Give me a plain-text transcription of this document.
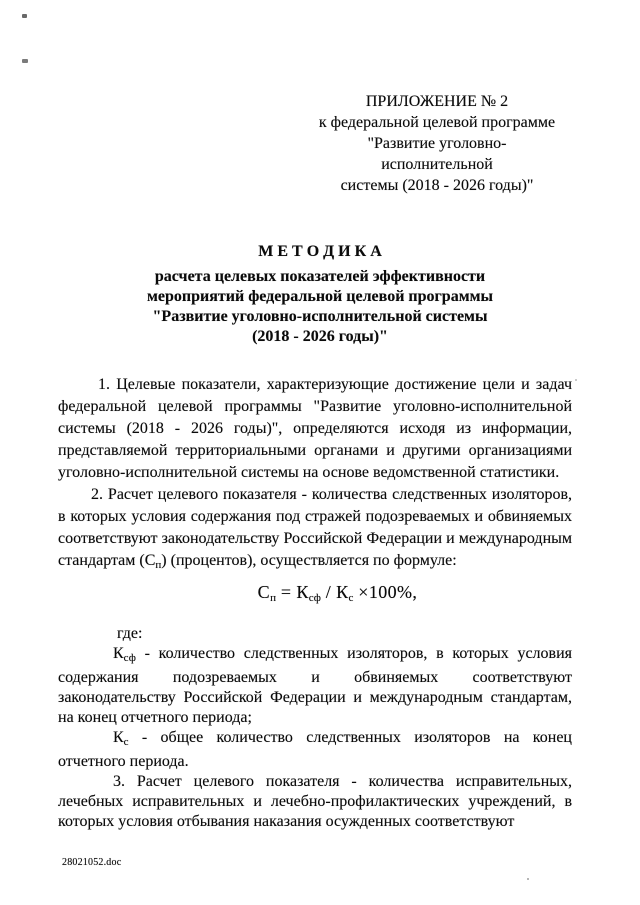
ПРИЛОЖЕНИЕ № 2
к федеральной целевой программе
"Развитие уголовно-исполнительной
системы (2018 - 2026 годы)"
М Е Т О Д И К А
расчета целевых показателей эффективности
мероприятий федеральной целевой программы
"Развитие уголовно-исполнительной системы
(2018 - 2026 годы)"

1. Целевые показатели, характеризующие достижение цели и задач федеральной целевой программы "Развитие уголовно-исполнительной системы (2018 - 2026 годы)", определяются исходя из информации, представляемой территориальными органами и другими организациями уголовно-исполнительной системы на основе ведомственной статистики.

2. Расчет целевого показателя - количества следственных изоляторов, в которых условия содержания под стражей подозреваемых и обвиняемых соответствуют законодательству Российской Федерации и международным стандартам $(С_п)$ (процентов), осуществляется по формуле:

$С_п = К_{сф} / К_с \times 100\%$,

где:

$К_{сф}$ - количество следственных изоляторов, в которых условия содержания подозреваемых и обвиняемых соответствуют законодательству Российской Федерации и международным стандартам, на конец отчетного периода;

$К_с$ - общее количество следственных изоляторов на конец отчетного периода.

3. Расчет целевого показателя - количества исправительных, лечебных исправительных и лечебно-профилактических учреждений, в которых условия отбывания наказания осужденных соответствуют

28021052.doc
